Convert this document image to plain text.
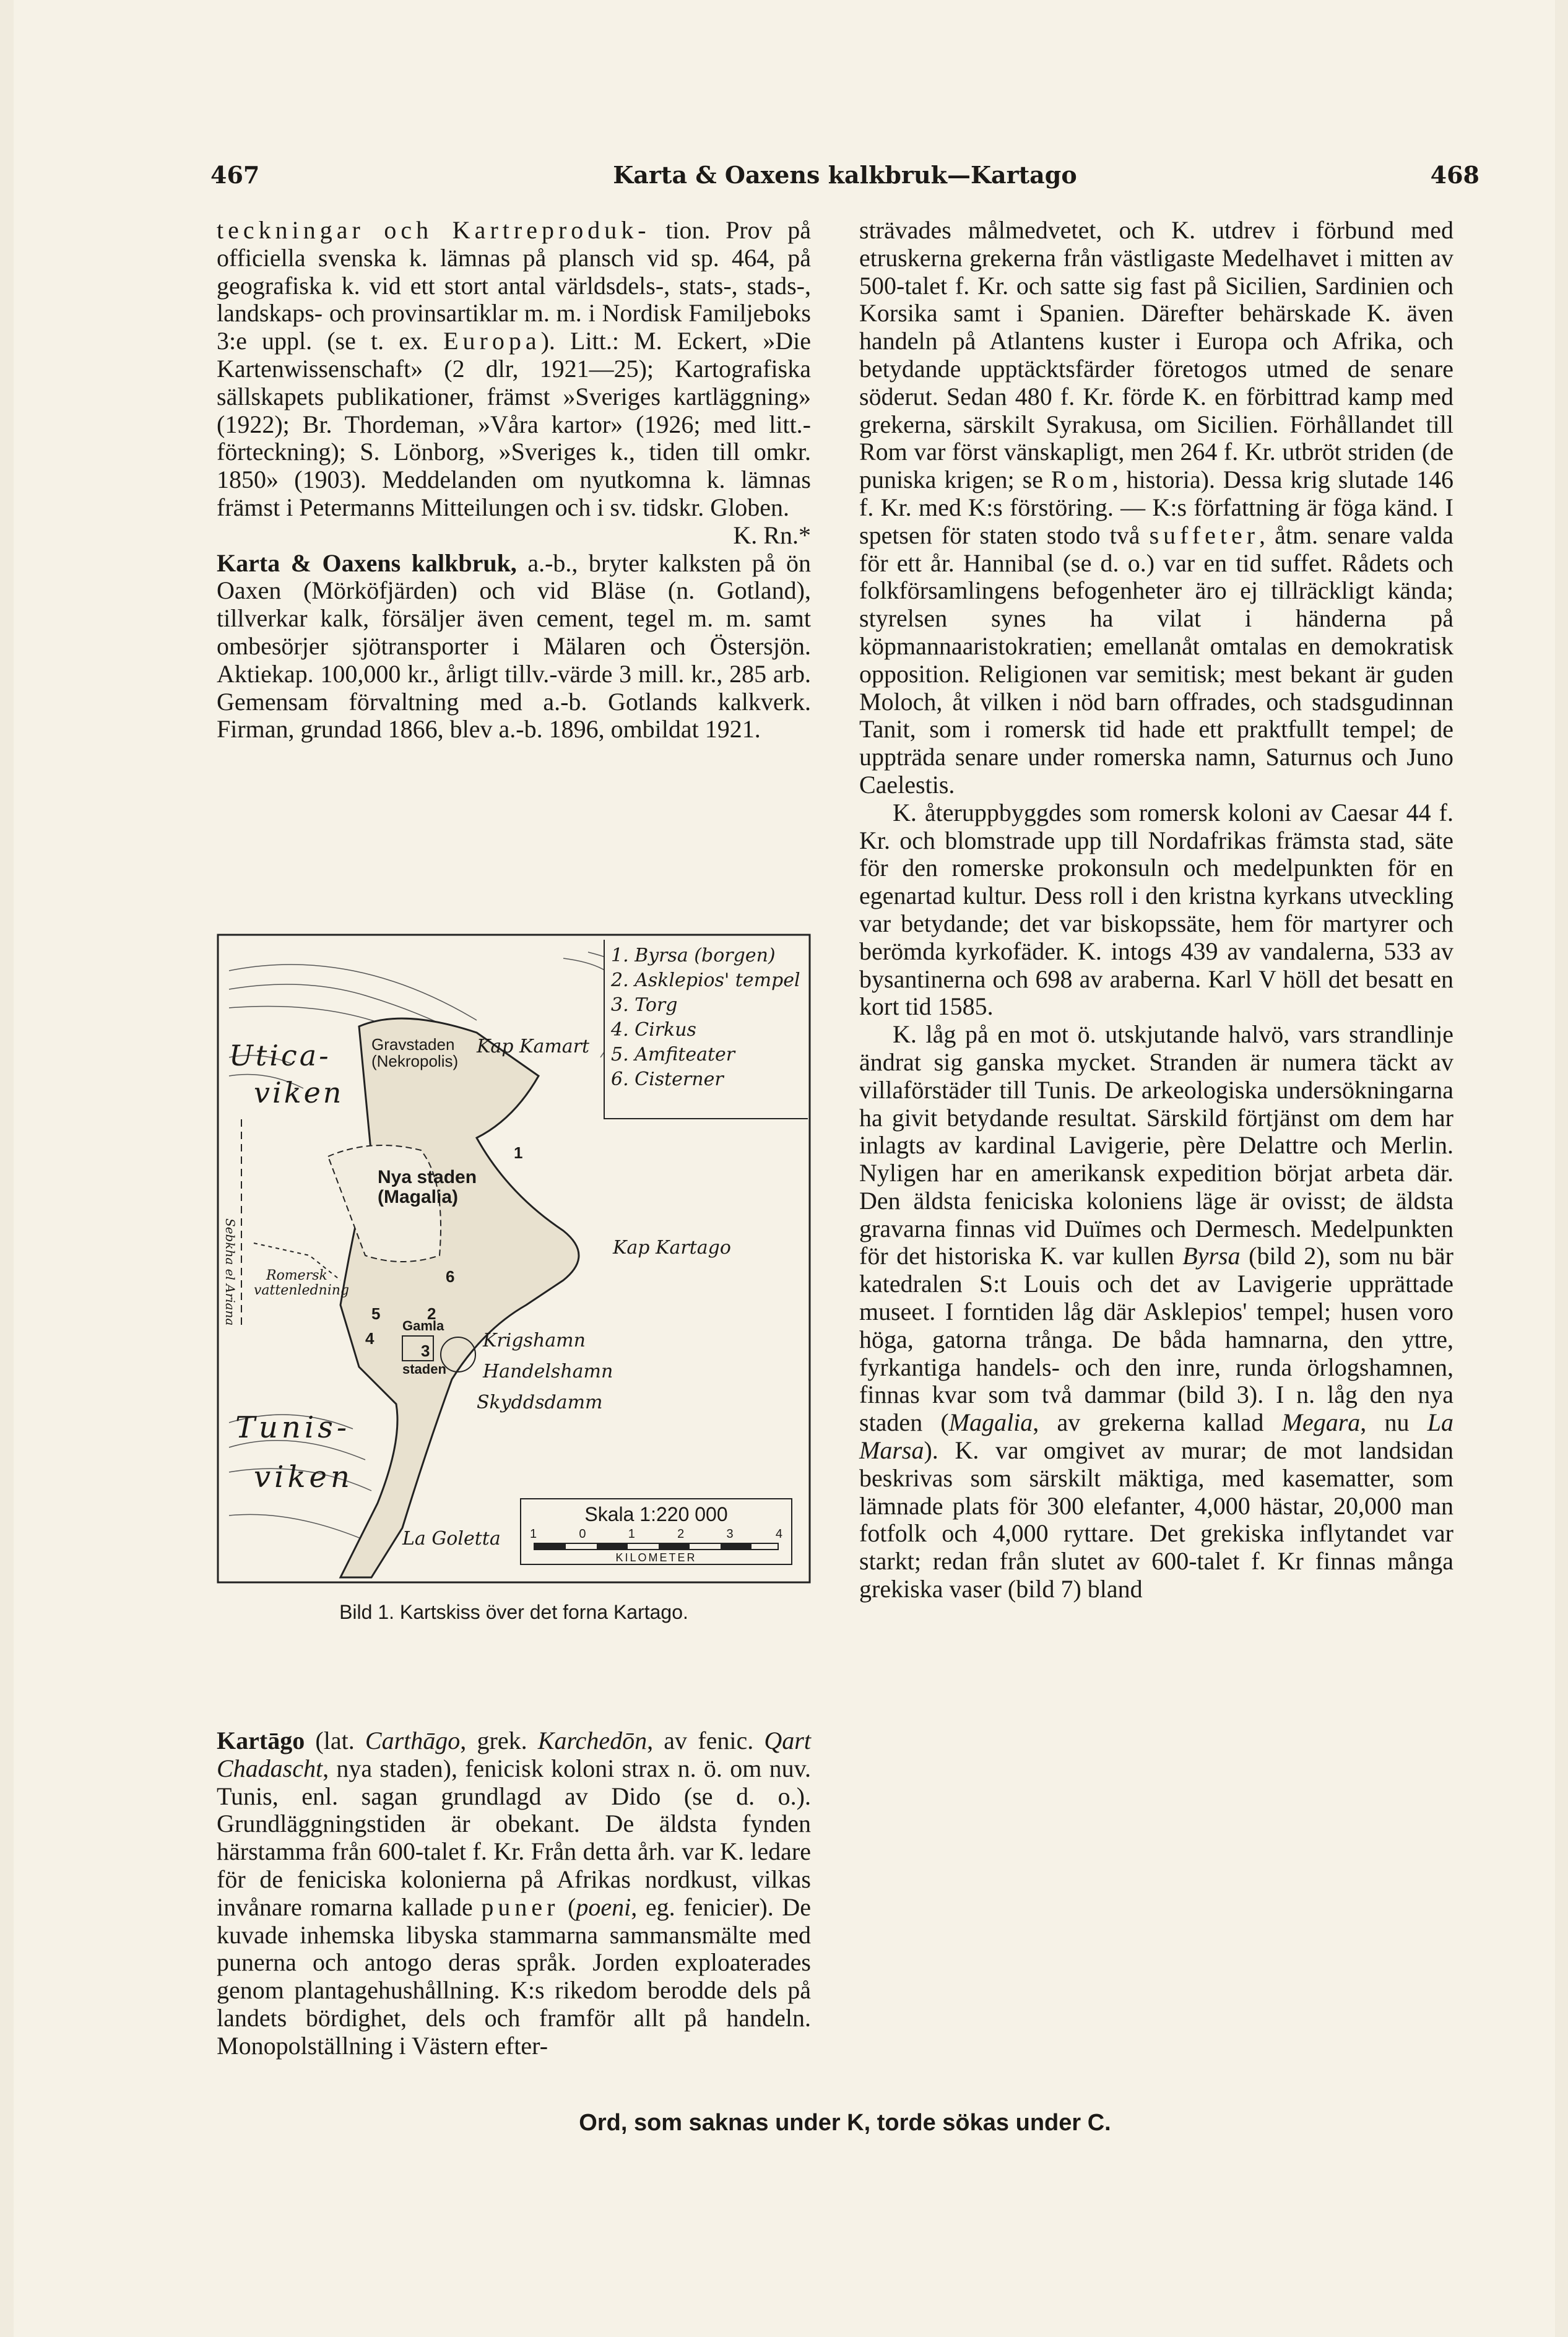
467	Karta & Oaxens kalkbruk—Kartago	468

teckningar och Kartreproduk- tion. Prov på officiella svenska k. lämnas på plansch vid sp. 464, på geografiska k. vid ett stort antal världsdels-, stats-, stads-, landskaps- och provinsartiklar m. m. i Nordisk Familjeboks 3:e uppl. (se t. ex. Europa). Litt.: M. Eckert, »Die Kartenwissenschaft» (2 dlr, 1921—25); Kartografiska sällskapets publikationer, främst »Sveriges kartläggning» (1922); Br. Thordeman, »Våra kartor» (1926; med litt.-förteckning); S. Lönborg, »Sveriges k., tiden till omkr. 1850» (1903). Meddelanden om nyutkomna k. lämnas främst i Petermanns Mitteilungen och i sv. tidskr. Globen.
K. Rn.*

Karta & Oaxens kalkbruk, a.-b., bryter kalksten på ön Oaxen (Mörköfjärden) och vid Bläse (n. Gotland), tillverkar kalk, försäljer även cement, tegel m. m. samt ombesörjer sjötransporter i Mälaren och Östersjön. Aktiekap. 100,000 kr., årligt tillv.-värde 3 mill. kr., 285 arb. Gemensam förvaltning med a.-b. Gotlands kalkverk. Firman, grundad 1866, blev a.-b. 1896, ombildat 1921.

1. Byrsa (borgen)
2. Asklepios' tempel
3. Torg
4. Cirkus
5. Amfiteater
6. Cisterner
Utica-
viken
Gravstaden
(Nekropolis)
Kap Kamart
Nya staden
(Magalia)
Kap Kartago
Romersk
vattenledning
Sebkha el Ariana
Gamla
staden
Krigshamn
Handelshamn
Skyddsdamm
Tunis-
viken
La Goletta
1
2
3
4
5
6
Skala 1:220 000
1	0	1	2	3	4
KILOMETER
Bild 1. Kartskiss över det forna Kartago.

Kartāgo (lat. Carthāgo, grek. Karchedōn, av fenic. Qart Chadascht, nya staden), fenicisk koloni strax n. ö. om nuv. Tunis, enl. sagan grundlagd av Dido (se d. o.). Grundläggningstiden är obekant. De äldsta fynden härstamma från 600-talet f. Kr. Från detta årh. var K. ledare för de feniciska kolonierna på Afrikas nordkust, vilkas invånare romarna kallade puner (poeni, eg. fenicier). De kuvade inhemska libyska stammarna sammansmälte med punerna och antogo deras språk. Jorden exploaterades genom plantagehushållning. K:s rikedom berodde dels på landets bördighet, dels och framför allt på handeln. Monopolställning i Västern efter-

strävades målmedvetet, och K. utdrev i förbund med etruskerna grekerna från västligaste Medelhavet i mitten av 500-talet f. Kr. och satte sig fast på Sicilien, Sardinien och Korsika samt i Spanien. Därefter behärskade K. även handeln på Atlantens kuster i Europa och Afrika, och betydande upptäcktsfärder företogos utmed de senare söderut. Sedan 480 f. Kr. förde K. en förbittrad kamp med grekerna, särskilt Syrakusa, om Sicilien. Förhållandet till Rom var först vänskapligt, men 264 f. Kr. utbröt striden (de puniska krigen; se Rom, historia). Dessa krig slutade 146 f. Kr. med K:s förstöring. — K:s författning är föga känd. I spetsen för staten stodo två suffeter, åtm. senare valda för ett år. Hannibal (se d. o.) var en tid suffet. Rådets och folkförsamlingens befogenheter äro ej tillräckligt kända; styrelsen synes ha vilat i händerna på köpmannaaristokratien; emellanåt omtalas en demokratisk opposition. Religionen var semitisk; mest bekant är guden Moloch, åt vilken i nöd barn offrades, och stadsgudinnan Tanit, som i romersk tid hade ett praktfullt tempel; de uppträda senare under romerska namn, Saturnus och Juno Caelestis.

K. återuppbyggdes som romersk koloni av Caesar 44 f. Kr. och blomstrade upp till Nordafrikas främsta stad, säte för den romerske prokonsuln och medelpunkten för en egenartad kultur. Dess roll i den kristna kyrkans utveckling var betydande; det var biskopssäte, hem för martyrer och berömda kyrkofäder. K. intogs 439 av vandalerna, 533 av bysantinerna och 698 av araberna. Karl V höll det besatt en kort tid 1585.

K. låg på en mot ö. utskjutande halvö, vars strandlinje ändrat sig ganska mycket. Stranden är numera täckt av villaförstäder till Tunis. De arkeologiska undersökningarna ha givit betydande resultat. Särskild förtjänst om dem har inlagts av kardinal Lavigerie, père Delattre och Merlin. Nyligen har en amerikansk expedition börjat arbeta där. Den äldsta feniciska koloniens läge är ovisst; de äldsta gravarna finnas vid Duïmes och Dermesch. Medelpunkten för det historiska K. var kullen Byrsa (bild 2), som nu bär katedralen S:t Louis och det av Lavigerie upprättade museet. I forntiden låg där Asklepios' tempel; husen voro höga, gatorna trånga. De båda hamnarna, den yttre, fyrkantiga handels- och den inre, runda örlogshamnen, finnas kvar som två dammar (bild 3). I n. låg den nya staden (Magalia, av grekerna kallad Megara, nu La Marsa). K. var omgivet av murar; de mot landsidan beskrivas som särskilt mäktiga, med kasematter, som lämnade plats för 300 elefanter, 4,000 hästar, 20,000 man fotfolk och 4,000 ryttare. Det grekiska inflytandet var starkt; redan från slutet av 600-talet f. Kr finnas många grekiska vaser (bild 7) bland

Ord, som saknas under K, torde sökas under C.
